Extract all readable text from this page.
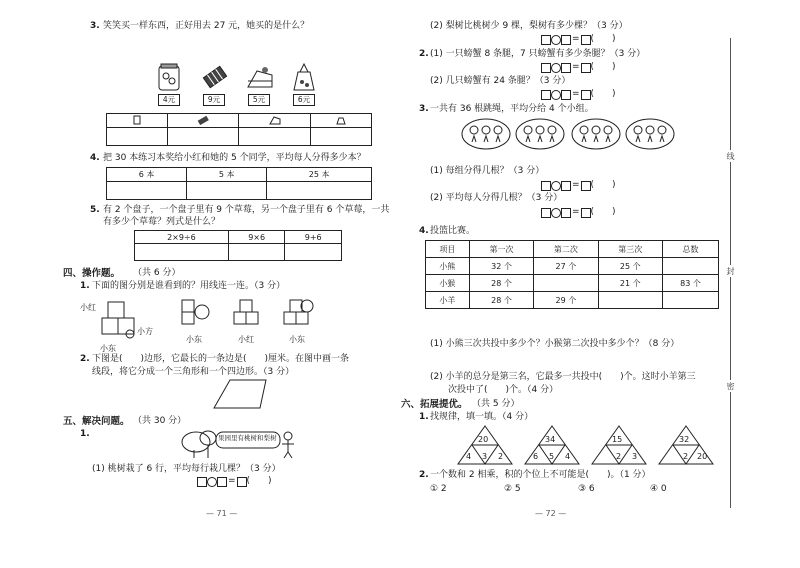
3. 笑笑买一样东西，正好用去 27 元，她买的是什么？
4元	9元	5元	6元

4. 把 30 本练习本奖给小红和她的 5 个同学，平均每人分得多少本？
6 本	5 本	25 本

5. 有 2 个盘子，一个盘子里有 9 个草莓，另一个盘子里有 6 个草莓，一共
有多少个草莓？列式是什么？
2×9÷6	9×6	9+6

四、操作题。 （共 6 分）
1. 下面的图分别是谁看到的？用线连一连。（3 分）
小红
小方
小东
小东	小红	小东
2. 下图是(　　)边形，它最长的一条边是(　　)厘米。在图中画一条
线段，将它分成一个三角形和一个四边形。（3 分）
五、解决问题。 （共 30 分）
1.	果园里有桃树和梨树
(1) 桃树栽了 6 行，平均每行栽几棵？（3 分）
= (　　)
— 71 —
(2) 梨树比桃树少 9 棵，梨树有多少棵？（3 分）
= (　　)
2. (1) 一只螃蟹 8 条腿，7 只螃蟹有多少条腿？（3 分）
= (　　)
(2) 几只螃蟹有 24 条腿？（3 分）
= (　　)
3. 一共有 36 根跳绳，平均分给 4 个小组。
(1) 每组分得几根？（3 分）
= (　　)
(2) 平均每人分得几根？（3 分）
= (　　)
4. 投篮比赛。
项目	第一次	第二次	第三次	总数
小熊	32 个	27 个	25 个	
小猴	28 个		21 个	83 个
小羊	28 个	29 个		
(1) 小熊三次共投中多少个？小猴第二次投中多少个？（8 分）
(2) 小羊的总分是第三名，它最多一共投中(　　)个。这时小羊第三
次投中了(　　)个。（4 分）
六、拓展提优。 （共 5 分）
1. 找规律，填一填。（4 分）
20
4 3 2
34
6 5 4
15
2 3
32
2 20
2. 一个数和 2 相乘，积的个位上不可能是(　　)。（1 分）
① 2	② 5	③ 6	④ 0
— 72 —
线
封
密
